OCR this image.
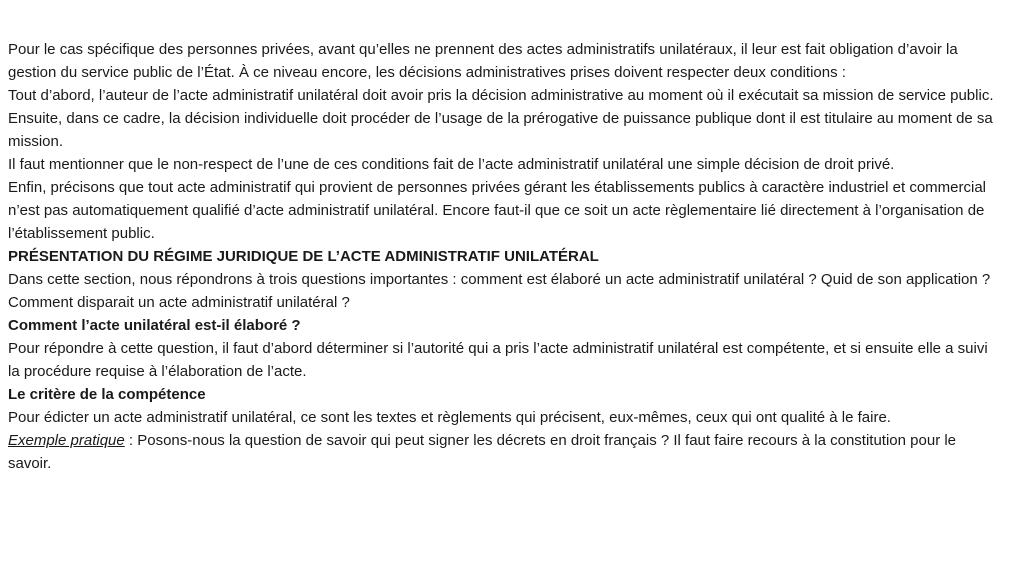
Pour le cas spécifique des personnes privées, avant qu’elles ne prennent des actes administratifs unilatéraux, il leur est fait obligation d’avoir la gestion du service public de l’État. À ce niveau encore, les décisions administratives prises doivent respecter deux conditions :

Tout d’abord, l’auteur de l’acte administratif unilatéral doit avoir pris la décision administrative au moment où il exécutait sa mission de service public. Ensuite, dans ce cadre, la décision individuelle doit procéder de l’usage de la prérogative de puissance publique dont il est titulaire au moment de sa mission.

Il faut mentionner que le non-respect de l’une de ces conditions fait de l’acte administratif unilatéral une simple décision de droit privé.

Enfin, précisons que tout acte administratif qui provient de personnes privées gérant les établissements publics à caractère industriel et commercial n’est pas automatiquement qualifié d’acte administratif unilatéral. Encore faut-il que ce soit un acte règlementaire lié directement à l’organisation de l’établissement public.

PRÉSENTATION DU RÉGIME JURIDIQUE DE L’ACTE ADMINISTRATIF UNILATÉRAL

Dans cette section, nous répondrons à trois questions importantes : comment est élaboré un acte administratif unilatéral ? Quid de son application ? Comment disparait un acte administratif unilatéral ?

Comment l’acte unilatéral est-il élaboré ?

Pour répondre à cette question, il faut d’abord déterminer si l’autorité qui a pris l’acte administratif unilatéral est compétente, et si ensuite elle a suivi la procédure requise à l’élaboration de l’acte.

Le critère de la compétence

Pour édicter un acte administratif unilatéral, ce sont les textes et règlements qui précisent, eux-mêmes, ceux qui ont qualité à le faire.

Exemple pratique : Posons-nous la question de savoir qui peut signer les décrets en droit français ? Il faut faire recours à la constitution pour le savoir.
